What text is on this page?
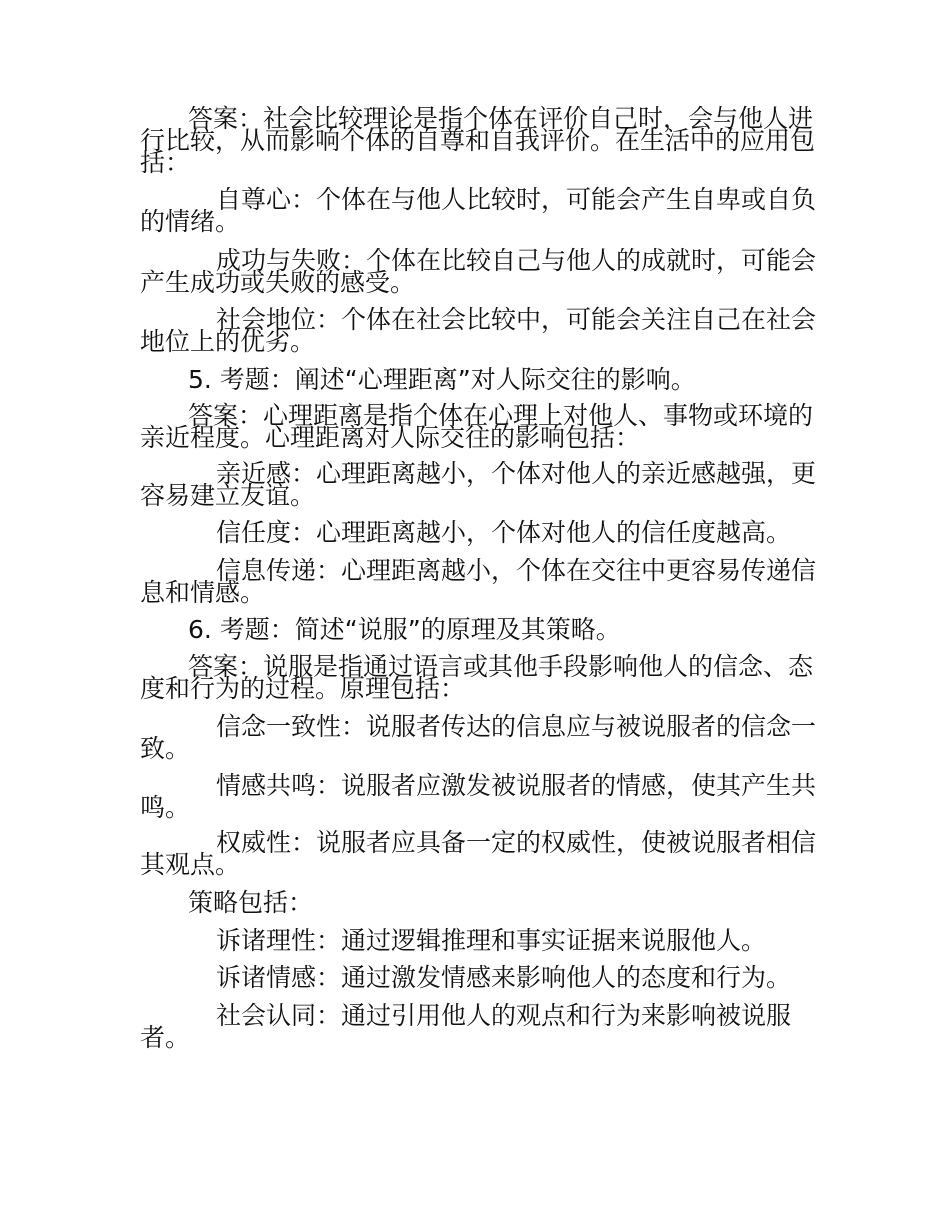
答案：社会比较理论是指个体在评价自己时，会与他人进行比较，从而影响个体的自尊和自我评价。在生活中的应用包括：

自尊心：个体在与他人比较时，可能会产生自卑或自负的情绪。

成功与失败：个体在比较自己与他人的成就时，可能会产生成功或失败的感受。

社会地位：个体在社会比较中，可能会关注自己在社会地位上的优劣。

5. 考题：阐述“心理距离”对人际交往的影响。

答案：心理距离是指个体在心理上对他人、事物或环境的亲近程度。心理距离对人际交往的影响包括：

亲近感：心理距离越小，个体对他人的亲近感越强，更容易建立友谊。

信任度：心理距离越小，个体对他人的信任度越高。

信息传递：心理距离越小，个体在交往中更容易传递信息和情感。

6. 考题：简述“说服”的原理及其策略。

答案：说服是指通过语言或其他手段影响他人的信念、态度和行为的过程。原理包括：

信念一致性：说服者传达的信息应与被说服者的信念一致。

情感共鸣：说服者应激发被说服者的情感，使其产生共鸣。

权威性：说服者应具备一定的权威性，使被说服者相信其观点。

策略包括：

诉诸理性：通过逻辑推理和事实证据来说服他人。

诉诸情感：通过激发情感来影响他人的态度和行为。

社会认同：通过引用他人的观点和行为来影响被说服者。
